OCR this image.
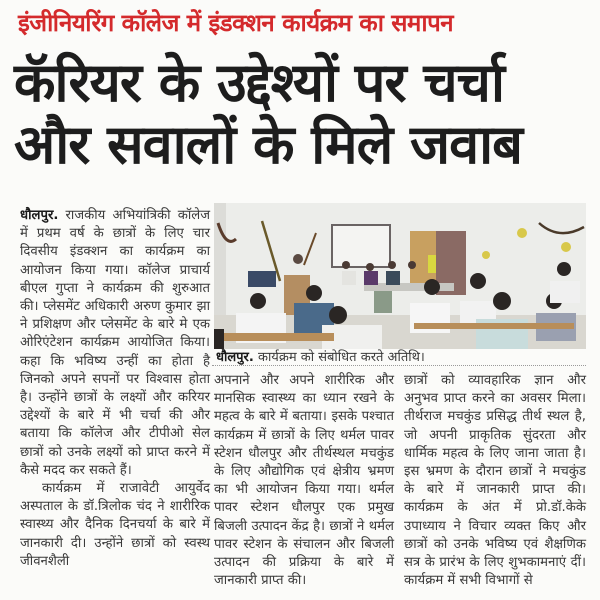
इंजीनियरिंग कॉलेज में इंडक्शन कार्यक्रम का समापन
कॅरियर के उद्देश्यों पर चर्चा
और सवालों के मिले जवाब

धौलपुर. राजकीय अभियांत्रिकी कॉलेज में प्रथम वर्ष के छात्रों के लिए चार दिवसीय इंडक्शन का कार्यक्रम का आयोजन किया गया। कॉलेज प्राचार्य बीएल गुप्ता ने कार्यक्रम की शुरुआत की। प्लेसमेंट अधिकारी अरुण कुमार झा ने प्रशिक्षण और प्लेसमेंट के बारे मे एक ओरिएंटेशन कार्यक्रम आयोजित किया। कहा कि भविष्य उन्हीं का होता है जिनको अपने सपनों पर विश्वास होता है। उन्होंने छात्रों के लक्ष्यों और करियर उद्देश्यों के बारे में भी चर्चा की और बताया कि कॉलेज और टीपीओ सेल छात्रों को उनके लक्ष्यों को प्राप्त करने में कैसे मदद कर सकते हैं।

कार्यक्रम में राजावेटी आयुर्वेद अस्पताल के डॉ.त्रिलोक चंद ने शारीरिक स्वास्थ्य और दैनिक दिनचर्या के बारे में जानकारी दी। उन्होंने छात्रों को स्वस्थ जीवनशैली

धौलपुर. कार्यक्रम को संबोधित करते अतिथि।

अपनाने और अपने शारीरिक और मानसिक स्वास्थ्य का ध्यान रखने के महत्व के बारे में बताया। इसके पश्चात कार्यक्रम में छात्रों के लिए थर्मल पावर स्टेशन धौलपुर और तीर्थस्थल मचकुंड के लिए औद्योगिक एवं क्षेत्रीय भ्रमण का भी आयोजन किया गया। थर्मल पावर स्टेशन धौलपुर एक प्रमुख बिजली उत्पादन केंद्र है। छात्रों ने थर्मल पावर स्टेशन के संचालन और बिजली उत्पादन की प्रक्रिया के बारे में जानकारी प्राप्त की।

छात्रों को व्यावहारिक ज्ञान और अनुभव प्राप्त करने का अवसर मिला। तीर्थराज मचकुंड प्रसिद्ध तीर्थ स्थल है, जो अपनी प्राकृतिक सुंदरता और धार्मिक महत्व के लिए जाना जाता है। इस भ्रमण के दौरान छात्रों ने मचकुंड के बारे में जानकारी प्राप्त की। कार्यक्रम के अंत में प्रो.डॉ.केके उपाध्याय ने विचार व्यक्त किए और छात्रों को उनके भविष्य एवं शैक्षणिक सत्र के प्रारंभ के लिए शुभकामनाएं दीं। कार्यक्रम में सभी विभागों से
